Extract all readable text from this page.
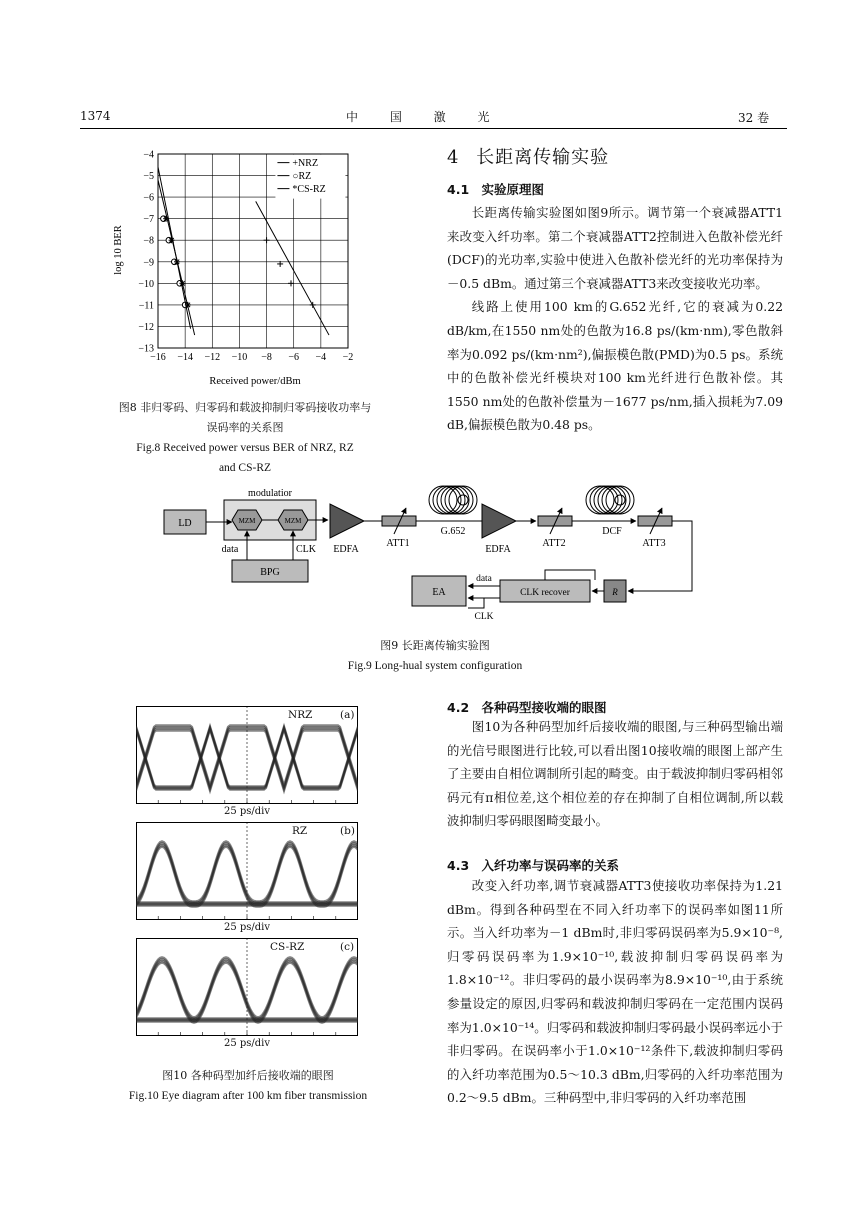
1374	中 国 激 光	32 卷
−16 −14 −12 −10 −8 −6 −4 −2
−4
−5
−6
−7
−8
−9
−10
−11
−12
−13
+NRZ
○RZ
*CS-RZ
Received power/dBm
log 10 BER
图8 非归零码、归零码和载波抑制归零码接收功率与
误码率的关系图
Fig.8 Received power versus BER of NRZ, RZ
and CS-RZ
4 长距离传输实验
4.1 实验原理图

长距离传输实验图如图9所示。调节第一个衰减器ATT1来改变入纤功率。第二个衰减器ATT2控制进入色散补偿光纤(DCF)的光功率,实验中使进入色散补偿光纤的光功率保持为－0.5 dBm。通过第三个衰减器ATT3来改变接收光功率。

线路上使用100 km的G.652光纤,它的衰减为0.22 dB/km,在1550 nm处的色散为16.8 ps/(km·nm),零色散斜率为0.092 ps/(km·nm²),偏振模色散(PMD)为0.5 ps。系统中的色散补偿光纤模块对100 km光纤进行色散补偿。其1550 nm处的色散补偿量为－1677 ps/nm,插入损耗为7.09 dB,偏振模色散为0.48 ps。

LD
modulatior
MZM	MZM
BPG
data	CLK EDFA
ATT1
G.652
EDFA
ATT2
DCF
ATT3
R
CLK recover
EA
data
CLK
图9 长距离传输实验图
Fig.9 Long-hual system configuration
NRZ	(a)
25 ps/div
RZ	(b)
25 ps/div
CS-RZ	(c)
25 ps/div
图10 各种码型加纤后接收端的眼图
Fig.10 Eye diagram after 100 km fiber transmission
4.2 各种码型接收端的眼图

图10为各种码型加纤后接收端的眼图,与三种码型输出端的光信号眼图进行比较,可以看出图10接收端的眼图上部产生了主要由自相位调制所引起的畸变。由于载波抑制归零码相邻码元有π相位差,这个相位差的存在抑制了自相位调制,所以载波抑制归零码眼图畸变最小。

4.3 入纤功率与误码率的关系

改变入纤功率,调节衰减器ATT3使接收功率保持为1.21 dBm。得到各种码型在不同入纤功率下的误码率如图11所示。当入纤功率为－1 dBm时,非归零码误码率为5.9×10⁻⁸,归零码误码率为1.9×10⁻¹⁰,载波抑制归零码误码率为1.8×10⁻¹²。非归零码的最小误码率为8.9×10⁻¹⁰,由于系统参量设定的原因,归零码和载波抑制归零码在一定范围内误码率为1.0×10⁻¹⁴。归零码和载波抑制归零码最小误码率远小于非归零码。在误码率小于1.0×10⁻¹²条件下,载波抑制归零码的入纤功率范围为0.5～10.3 dBm,归零码的入纤功率范围为0.2～9.5 dBm。三种码型中,非归零码的入纤功率范围
